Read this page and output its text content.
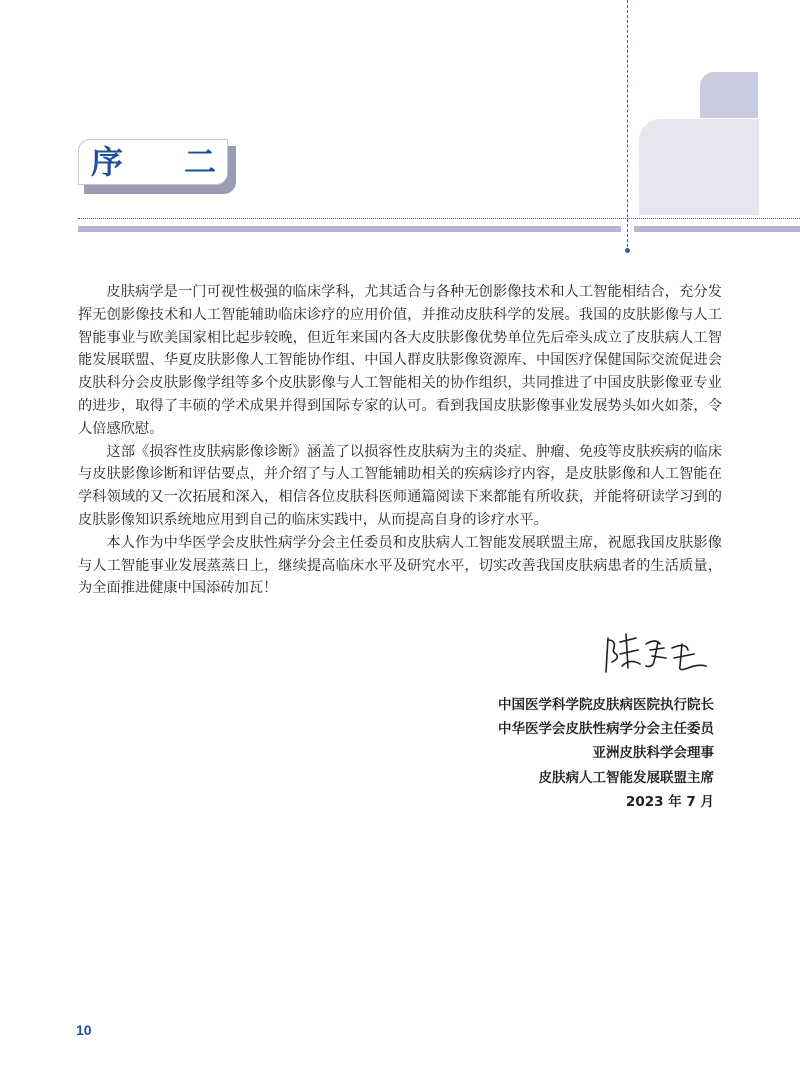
序 二

皮肤病学是一门可视性极强的临床学科，尤其适合与各种无创影像技术和人工智能相结合，充分发挥无创影像技术和人工智能辅助临床诊疗的应用价值，并推动皮肤科学的发展。我国的皮肤影像与人工智能事业与欧美国家相比起步较晚，但近年来国内各大皮肤影像优势单位先后牵头成立了皮肤病人工智能发展联盟、华夏皮肤影像人工智能协作组、中国人群皮肤影像资源库、中国医疗保健国际交流促进会皮肤科分会皮肤影像学组等多个皮肤影像与人工智能相关的协作组织，共同推进了中国皮肤影像亚专业的进步，取得了丰硕的学术成果并得到国际专家的认可。看到我国皮肤影像事业发展势头如火如荼，令人倍感欣慰。

这部《损容性皮肤病影像诊断》涵盖了以损容性皮肤病为主的炎症、肿瘤、免疫等皮肤疾病的临床与皮肤影像诊断和评估要点，并介绍了与人工智能辅助相关的疾病诊疗内容，是皮肤影像和人工智能在学科领域的又一次拓展和深入，相信各位皮肤科医师通篇阅读下来都能有所收获，并能将研读学习到的皮肤影像知识系统地应用到自己的临床实践中，从而提高自身的诊疗水平。

本人作为中华医学会皮肤性病学分会主任委员和皮肤病人工智能发展联盟主席，祝愿我国皮肤影像与人工智能事业发展蒸蒸日上，继续提高临床水平及研究水平，切实改善我国皮肤病患者的生活质量，为全面推进健康中国添砖加瓦！

中国医学科学院皮肤病医院执行院长
中华医学会皮肤性病学分会主任委员
亚洲皮肤科学会理事
皮肤病人工智能发展联盟主席
2023 年 7 月
10
